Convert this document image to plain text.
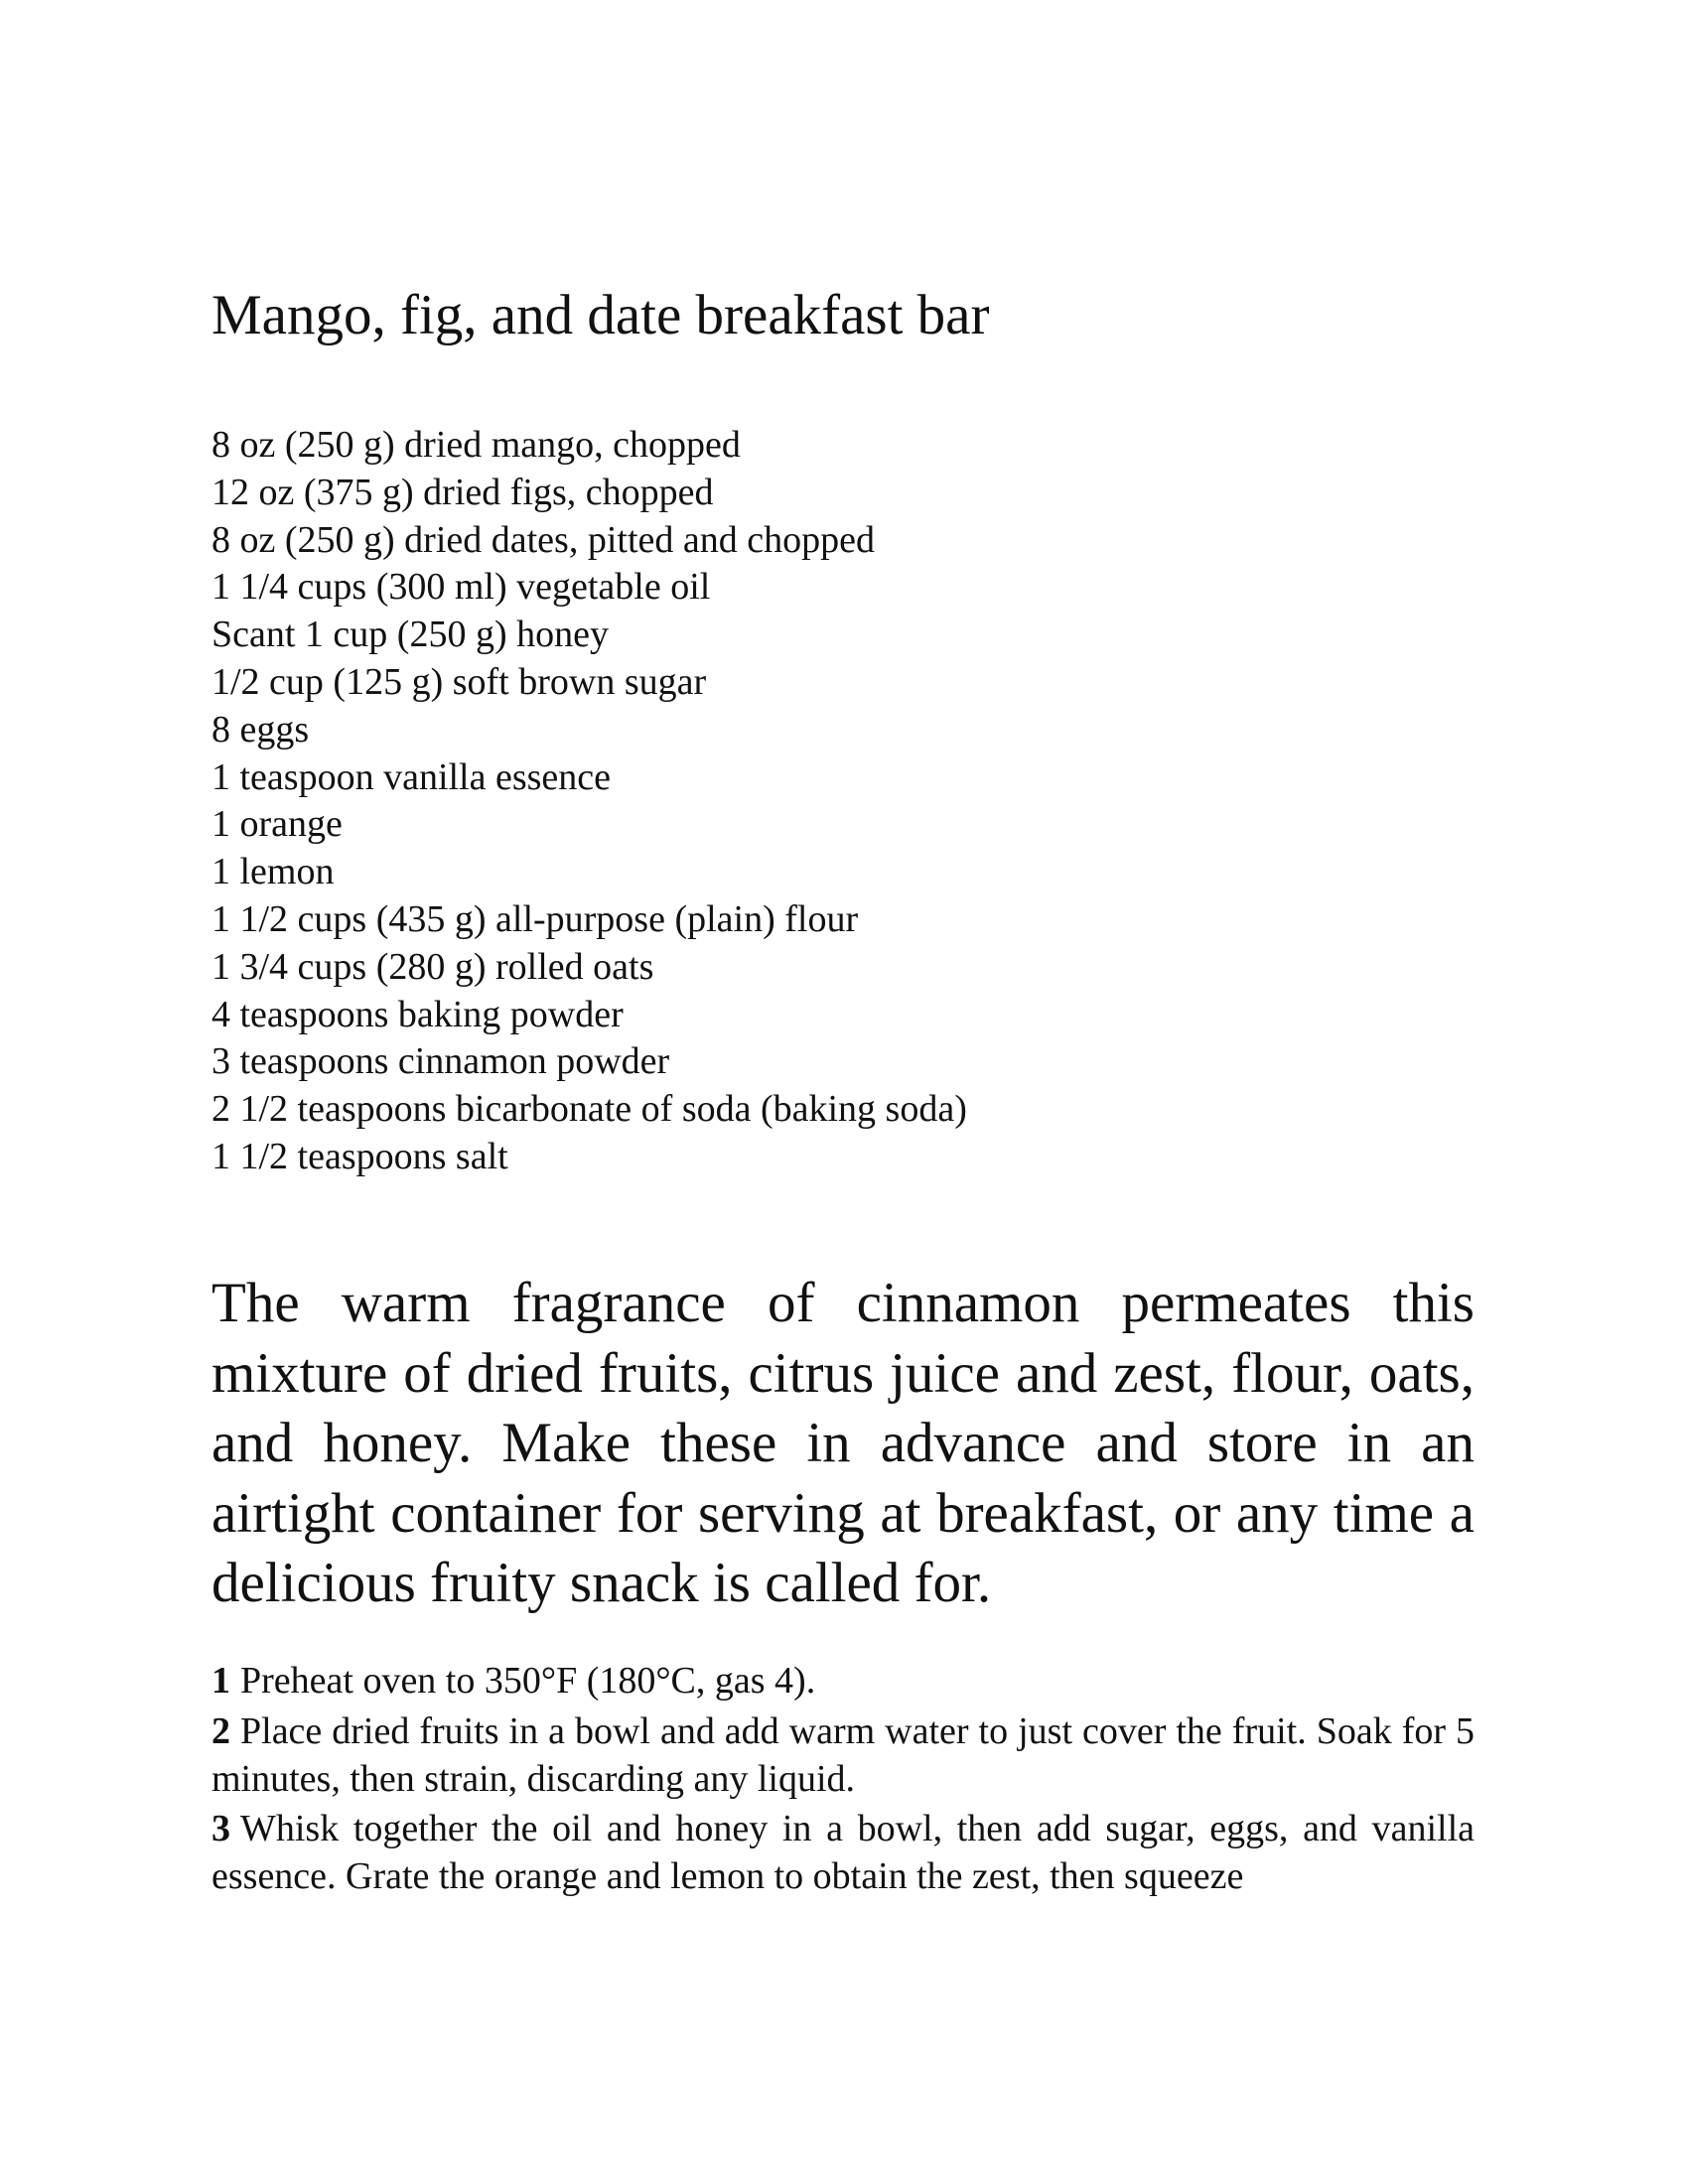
Mango, fig, and date breakfast bar
8 oz (250 g) dried mango, chopped
12 oz (375 g) dried figs, chopped
8 oz (250 g) dried dates, pitted and chopped
1 1/4 cups (300 ml) vegetable oil
Scant 1 cup (250 g) honey
1/2 cup (125 g) soft brown sugar
8 eggs
1 teaspoon vanilla essence
1 orange
1 lemon
1 1/2 cups (435 g) all-purpose (plain) flour
1 3/4 cups (280 g) rolled oats
4 teaspoons baking powder
3 teaspoons cinnamon powder
2 1/2 teaspoons bicarbonate of soda (baking soda)
1 1/2 teaspoons salt

The warm fragrance of cinnamon permeates this mixture of dried fruits, citrus juice and zest, flour, oats, and honey. Make these in advance and store in an airtight container for serving at breakfast, or any time a delicious fruity snack is called for.

1 Preheat oven to 350°F (180°C, gas 4).
2 Place dried fruits in a bowl and add warm water to just cover the fruit. Soak for 5 minutes, then strain, discarding any liquid.
3 Whisk together the oil and honey in a bowl, then add sugar, eggs, and vanilla essence. Grate the orange and lemon to obtain the zest, then squeeze
